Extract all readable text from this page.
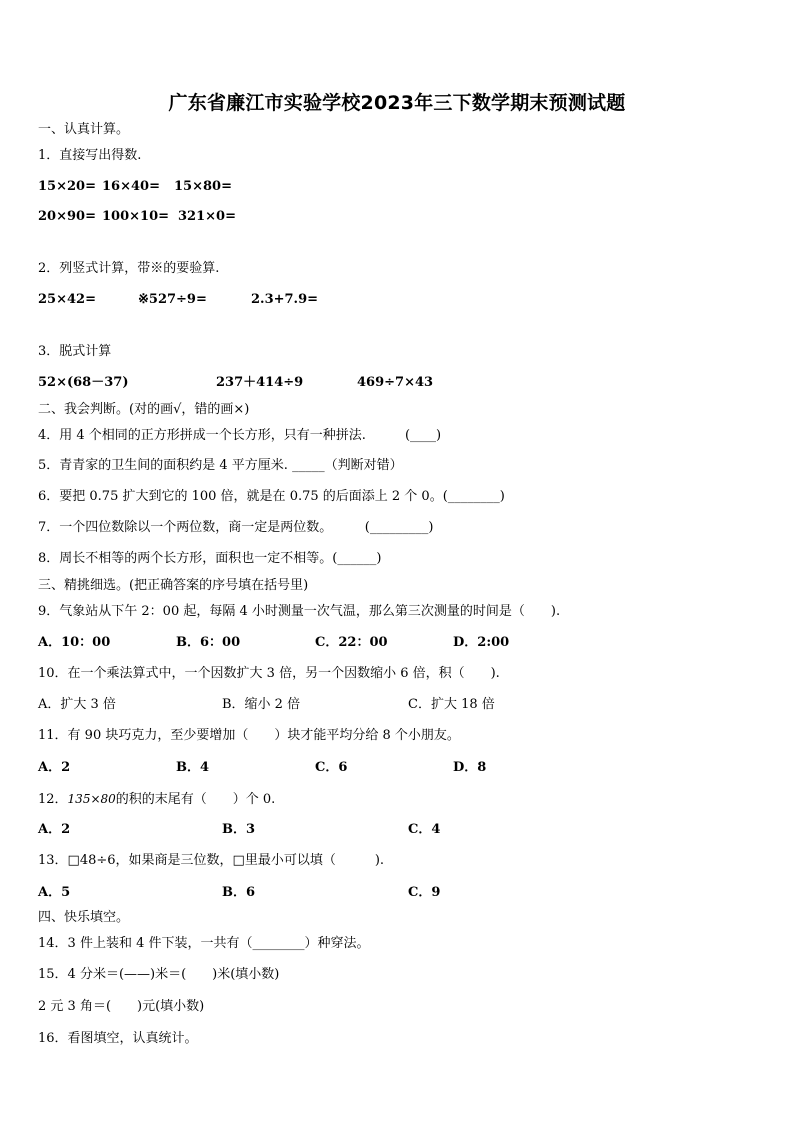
广东省廉江市实验学校2023年三下数学期末预测试题
一、认真计算。
1．直接写出得数.
15×20= 16×40= 15×80=
20×90= 100×10= 321×0=
2．列竖式计算，带※的要验算.
25×42=	※527÷9=	2.3+7.9=
3．脱式计算
52×(68－37)	237＋414÷9	469÷7×43
二、我会判断。(对的画√，错的画×)
4．用 4 个相同的正方形拼成一个长方形，只有一种拼法.　　　(____)
5．青青家的卫生间的面积约是 4 平方厘米. _____（判断对错）
6．要把 0.75 扩大到它的 100 倍，就是在 0.75 的后面添上 2 个 0。(________)
7．一个四位数除以一个两位数，商一定是两位数。　　　(_________)
8．周长不相等的两个长方形，面积也一定不相等。(______)
三、精挑细选。(把正确答案的序号填在括号里)
9．气象站从下午 2：00 起，每隔 4 小时测量一次气温，那么第三次测量的时间是（　　).
A．10：00	B．6：00	C．22：00	D．2:00
10．在一个乘法算式中，一个因数扩大 3 倍，另一个因数缩小 6 倍，积（　　).
A．扩大 3 倍	B．缩小 2 倍	C．扩大 18 倍
11．有 90 块巧克力，至少要增加（　　）块才能平均分给 8 个小朋友。
A．2	B．4	C．6	D．8
12．135×80的积的末尾有（　　）个 0.
A．2	B．3	C．4
13．□48÷6，如果商是三位数，□里最小可以填（　　　).
A．5	B．6	C．9
四、快乐填空。
14．3 件上装和 4 件下装，一共有（________）种穿法。
15．4 分米＝(——)米＝(　　)米(填小数)
2 元 3 角＝(　　)元(填小数)
16．看图填空，认真统计。
